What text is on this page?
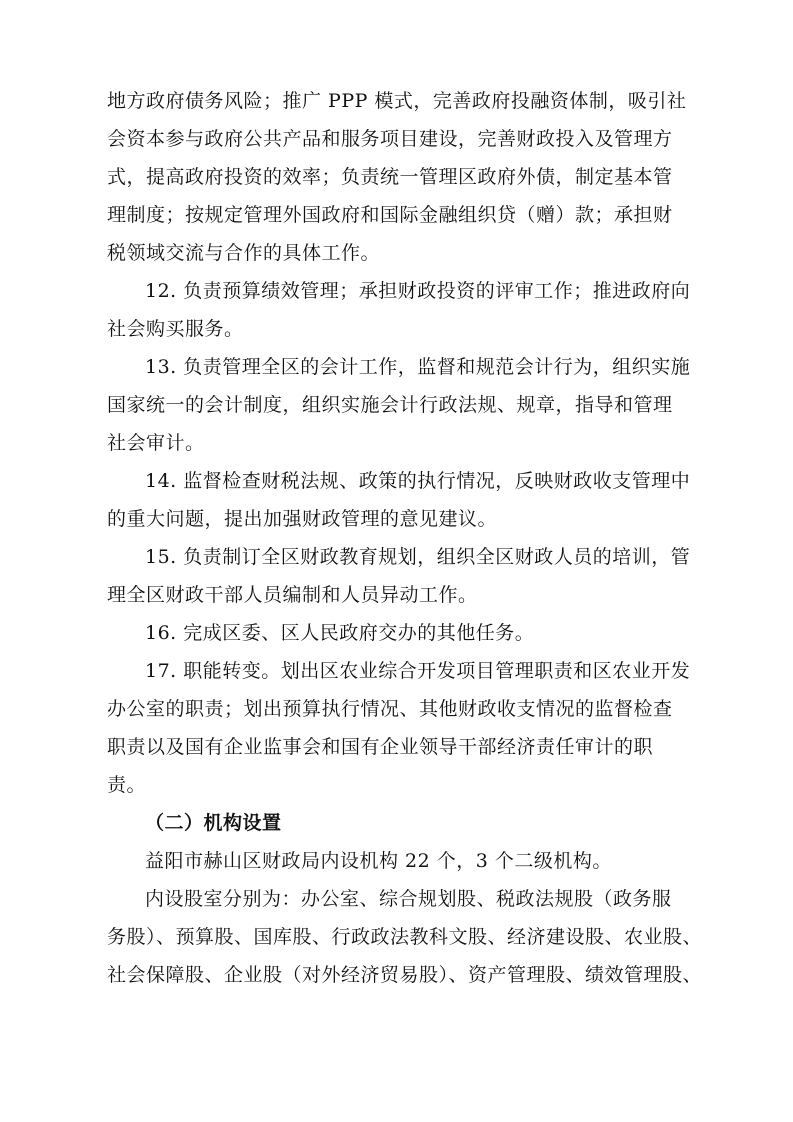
地方政府债务风险；推广 PPP 模式，完善政府投融资体制，吸引社
会资本参与政府公共产品和服务项目建设，完善财政投入及管理方
式，提高政府投资的效率；负责统一管理区政府外债，制定基本管
理制度；按规定管理外国政府和国际金融组织贷（赠）款；承担财
税领域交流与合作的具体工作。

12. 负责预算绩效管理；承担财政投资的评审工作；推进政府向
社会购买服务。

13. 负责管理全区的会计工作，监督和规范会计行为，组织实施
国家统一的会计制度，组织实施会计行政法规、规章，指导和管理
社会审计。

14. 监督检查财税法规、政策的执行情况，反映财政收支管理中
的重大问题，提出加强财政管理的意见建议。

15. 负责制订全区财政教育规划，组织全区财政人员的培训，管
理全区财政干部人员编制和人员异动工作。

16. 完成区委、区人民政府交办的其他任务。

17. 职能转变。划出区农业综合开发项目管理职责和区农业开发
办公室的职责；划出预算执行情况、其他财政收支情况的监督检查
职责以及国有企业监事会和国有企业领导干部经济责任审计的职
责。

（二）机构设置

益阳市赫山区财政局内设机构 22 个，3 个二级机构。

内设股室分别为：办公室、综合规划股、税政法规股（政务服
务股）、预算股、国库股、行政政法教科文股、经济建设股、农业股、
社会保障股、企业股（对外经济贸易股）、资产管理股、绩效管理股、
